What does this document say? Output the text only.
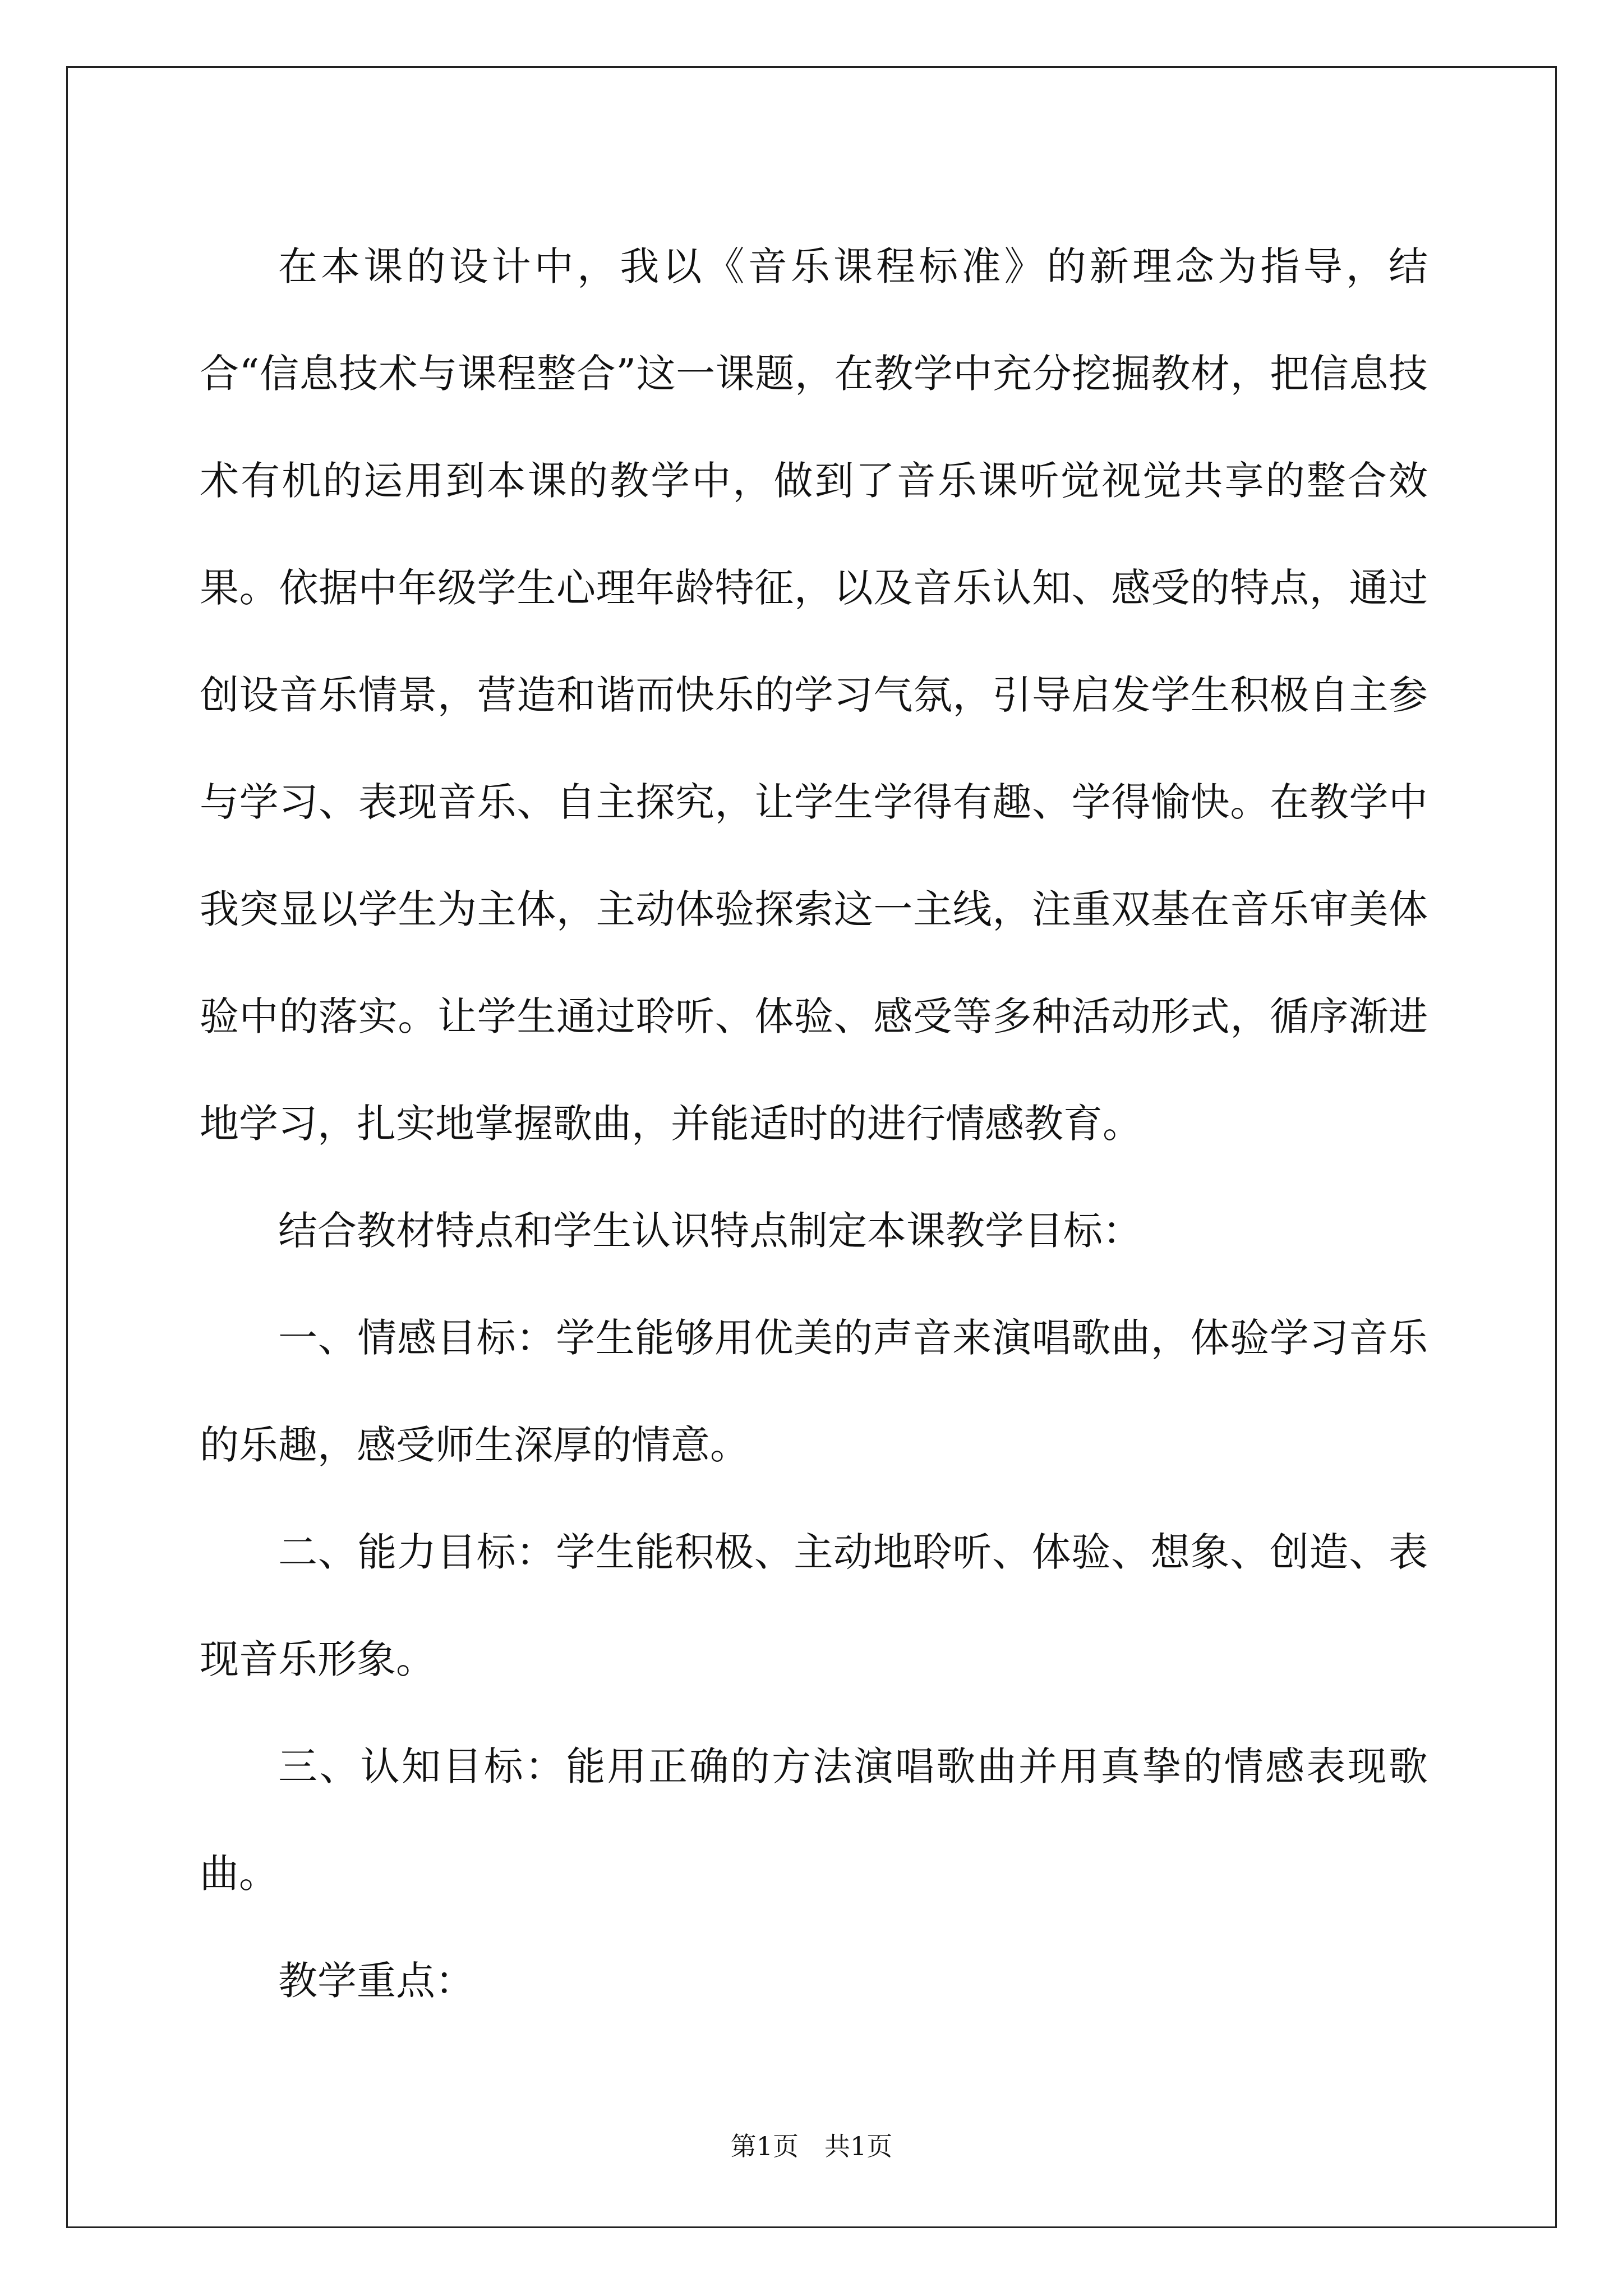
在本课的设计中，我以《音乐课程标准》的新理念为指导，结合“信息技术与课程整合”这一课题，在教学中充分挖掘教材，把信息技术有机的运用到本课的教学中，做到了音乐课听觉视觉共享的整合效果。依据中年级学生心理年龄特征，以及音乐认知、感受的特点，通过创设音乐情景，营造和谐而快乐的学习气氛，引导启发学生积极自主参与学习、表现音乐、自主探究，让学生学得有趣、学得愉快。在教学中我突显以学生为主体，主动体验探索这一主线，注重双基在音乐审美体验中的落实。让学生通过聆听、体验、感受等多种活动形式，循序渐进地学习，扎实地掌握歌曲，并能适时的进行情感教育。

结合教材特点和学生认识特点制定本课教学目标：

一、情感目标：学生能够用优美的声音来演唱歌曲，体验学习音乐的乐趣，感受师生深厚的情意。

二、能力目标：学生能积极、主动地聆听、体验、想象、创造、表现音乐形象。

三、认知目标：能用正确的方法演唱歌曲并用真挚的情感表现歌曲。

教学重点：

第1页 共1页
